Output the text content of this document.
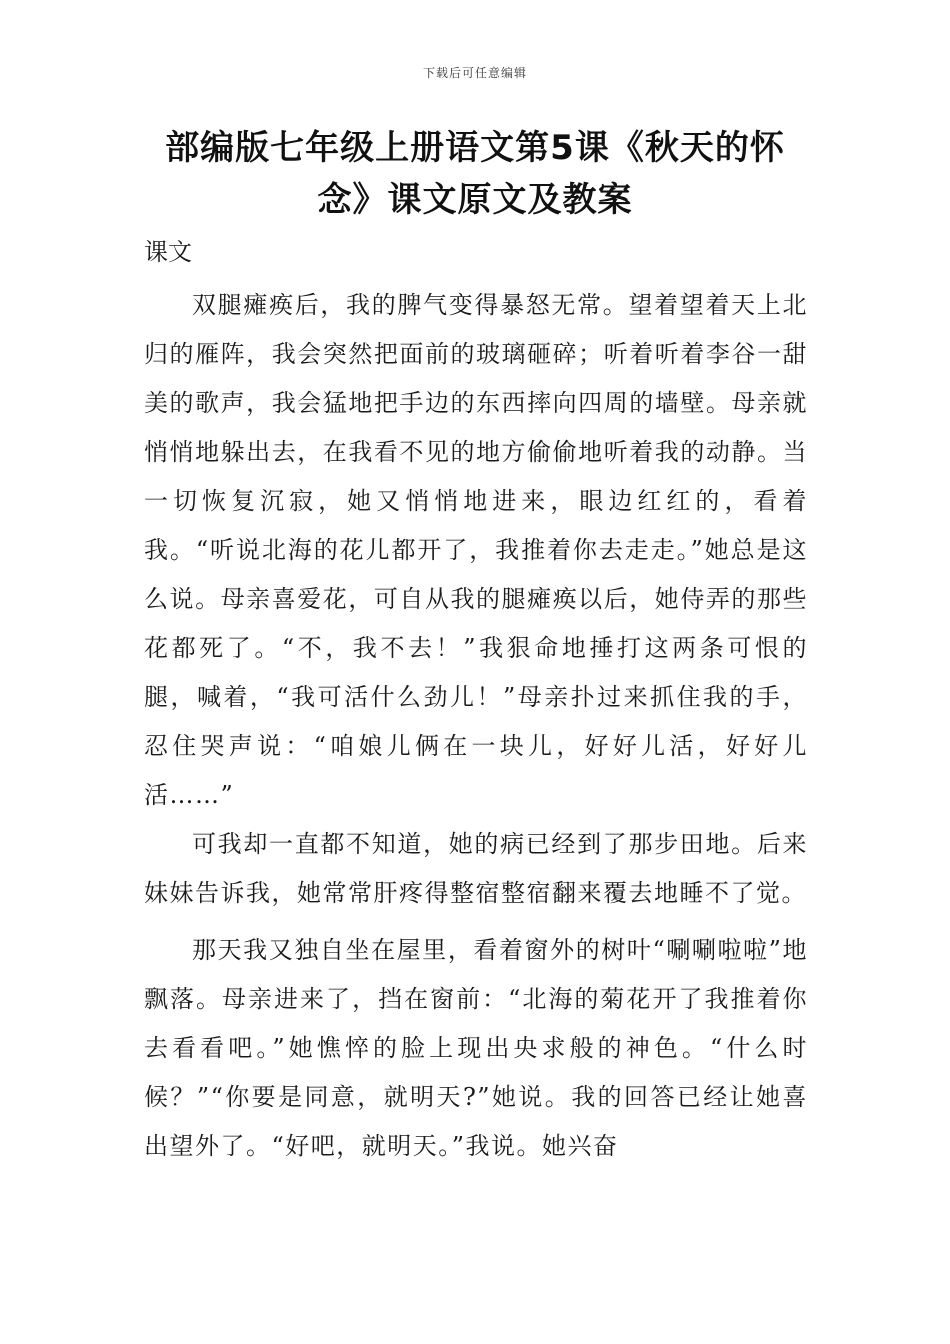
下载后可任意编辑
部编版七年级上册语文第5课《秋天的怀念》课文原文及教案
课文

双腿瘫痪后，我的脾气变得暴怒无常。望着望着天上北归的雁阵，我会突然把面前的玻璃砸碎；听着听着李谷一甜美的歌声，我会猛地把手边的东西摔向四周的墙壁。母亲就悄悄地躲出去，在我看不见的地方偷偷地听着我的动静。当一切恢复沉寂，她又悄悄地进来，眼边红红的，看着我。“听说北海的花儿都开了，我推着你去走走。”她总是这么说。母亲喜爱花，可自从我的腿瘫痪以后，她侍弄的那些花都死了。“不，我不去！”我狠命地捶打这两条可恨的腿，喊着，“我可活什么劲儿！”母亲扑过来抓住我的手，忍住哭声说：“咱娘儿俩在一块儿，好好儿活，好好儿活……”

可我却一直都不知道，她的病已经到了那步田地。后来妹妹告诉我，她常常肝疼得整宿整宿翻来覆去地睡不了觉。

那天我又独自坐在屋里，看着窗外的树叶“唰唰啦啦”地飘落。母亲进来了，挡在窗前：“北海的菊花开了我推着你去看看吧。”她憔悴的脸上现出央求般的神色。“什么时候？”“你要是同意，就明天?”她说。我的回答已经让她喜出望外了。“好吧，就明天。”我说。她兴奋
